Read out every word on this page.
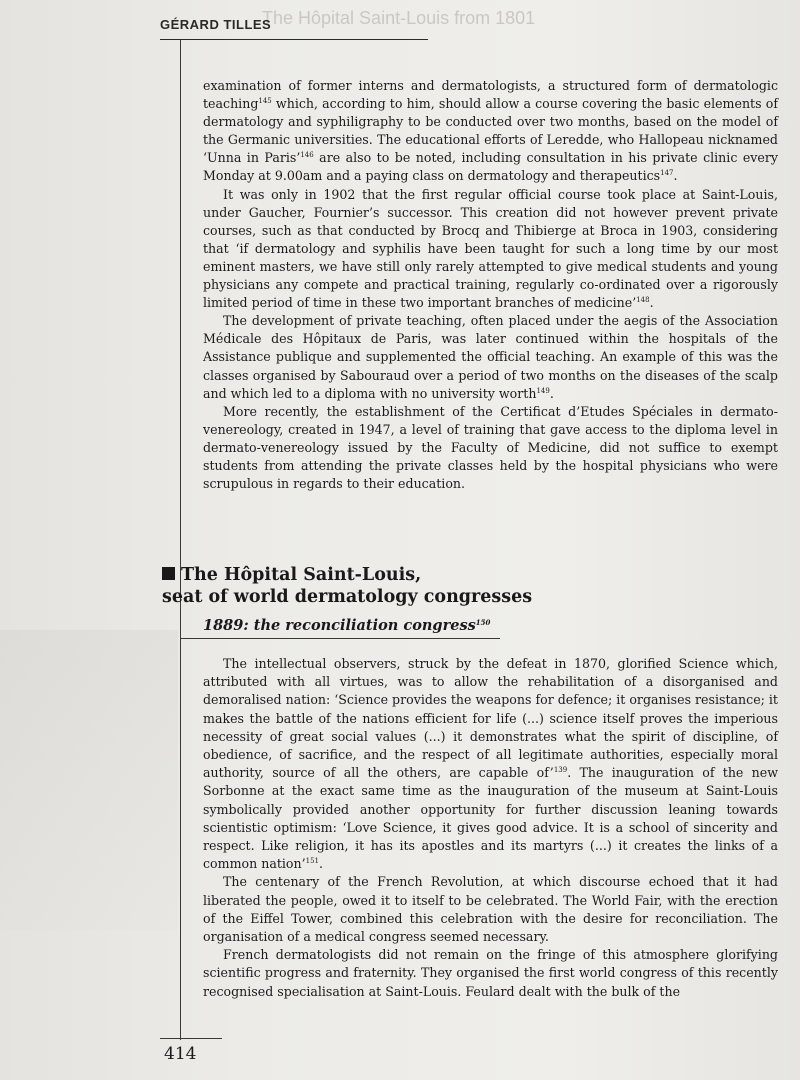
The Hôpital Saint-Louis from 1801
GÉRARD TILLES

examination of former interns and dermatologists, a structured form of dermatologic teaching$^{145}$ which, according to him, should allow a course covering the basic elements of dermatology and syphiligraphy to be conducted over two months, based on the model of the Germanic universities. The educational efforts of Leredde, who Hallopeau nicknamed ‘Unna in Paris’$^{146}$ are also to be noted, including consultation in his private clinic every Monday at 9.00am and a paying class on dermatology and therapeutics$^{147}$.

It was only in 1902 that the first regular official course took place at Saint-Louis, under Gaucher, Fournier’s successor. This creation did not however prevent private courses, such as that conducted by Brocq and Thibierge at Broca in 1903, considering that ‘if dermatology and syphilis have been taught for such a long time by our most eminent masters, we have still only rarely attempted to give medical students and young physicians any compete and practical training, regularly co-ordinated over a rigorously limited period of time in these two important branches of medicine’$^{148}$.

The development of private teaching, often placed under the aegis of the Association Médicale des Hôpitaux de Paris, was later continued within the hospitals of the Assistance publique and supplemented the official teaching. An example of this was the classes organised by Sabouraud over a period of two months on the diseases of the scalp and which led to a diploma with no university worth$^{149}$.

More recently, the establishment of the Certificat d’Etudes Spéciales in dermato-venereology, created in 1947, a level of training that gave access to the diploma level in dermato-venereology issued by the Faculty of Medicine, did not suffice to exempt students from attending the private classes held by the hospital physicians who were scrupulous in regards to their education.

The Hôpital Saint-Louis,
seat of world dermatology congresses
1889: the reconciliation congress$^{150}$

The intellectual observers, struck by the defeat in 1870, glorified Science which, attributed with all virtues, was to allow the rehabilitation of a disorganised and demoralised nation: ‘Science provides the weapons for defence; it organises resistance; it makes the battle of the nations efficient for life (...) science itself proves the imperious necessity of great social values (...) it demonstrates what the spirit of discipline, of obedience, of sacrifice, and the respect of all legitimate authorities, especially moral authority, source of all the others, are capable of’$^{139}$. The inauguration of the new Sorbonne at the exact same time as the inauguration of the museum at Saint-Louis symbolically provided another opportunity for further discussion leaning towards scientistic optimism: ‘Love Science, it gives good advice. It is a school of sincerity and respect. Like religion, it has its apostles and its martyrs (...) it creates the links of a common nation’$^{151}$.

The centenary of the French Revolution, at which discourse echoed that it had liberated the people, owed it to itself to be celebrated. The World Fair, with the erection of the Eiffel Tower, combined this celebration with the desire for reconciliation. The organisation of a medical congress seemed necessary.

French dermatologists did not remain on the fringe of this atmosphere glorifying scientific progress and fraternity. They organised the first world congress of this recently recognised specialisation at Saint-Louis. Feulard dealt with the bulk of the

414
